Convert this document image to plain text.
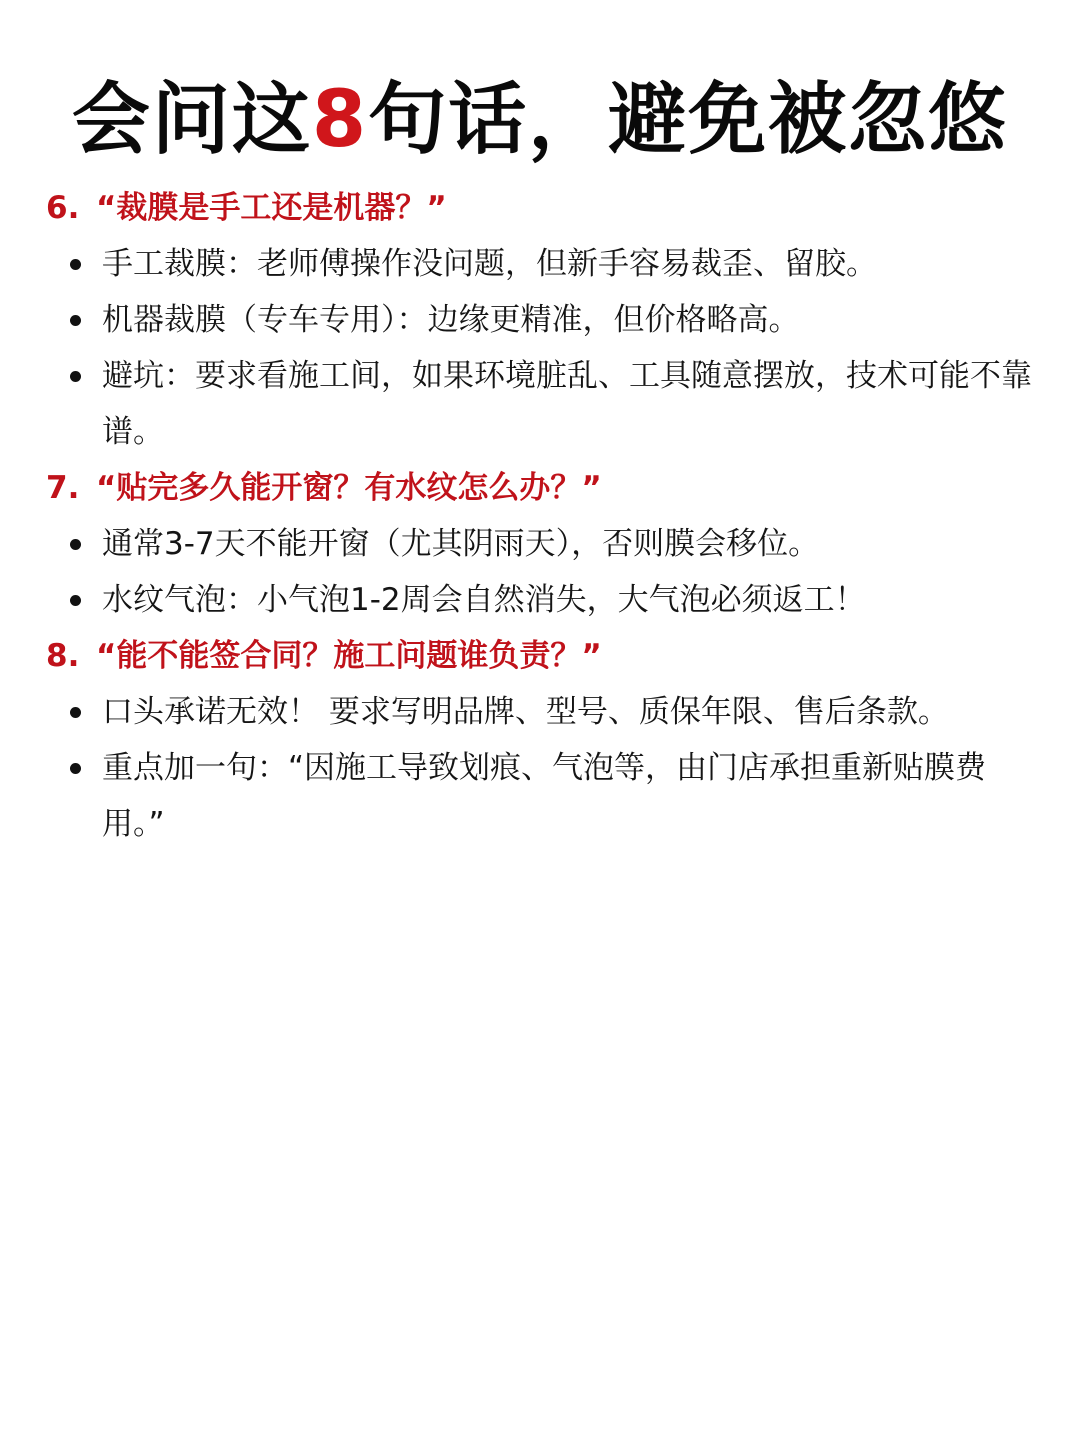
会问这8句话，避免被忽悠
6. “裁膜是手工还是机器？”
手工裁膜：老师傅操作没问题，但新手容易裁歪、留胶。
机器裁膜（专车专用）：边缘更精准，但价格略高。
避坑：要求看施工间，如果环境脏乱、工具随意摆放，技术可能不靠谱。
7. “贴完多久能开窗？有水纹怎么办？”
通常3-7天不能开窗（尤其阴雨天），否则膜会移位。
水纹气泡：小气泡1-2周会自然消失，大气泡必须返工！
8. “能不能签合同？施工问题谁负责？”
口头承诺无效！ 要求写明品牌、型号、质保年限、售后条款。
重点加一句：“因施工导致划痕、气泡等，由门店承担重新贴膜费用。”
